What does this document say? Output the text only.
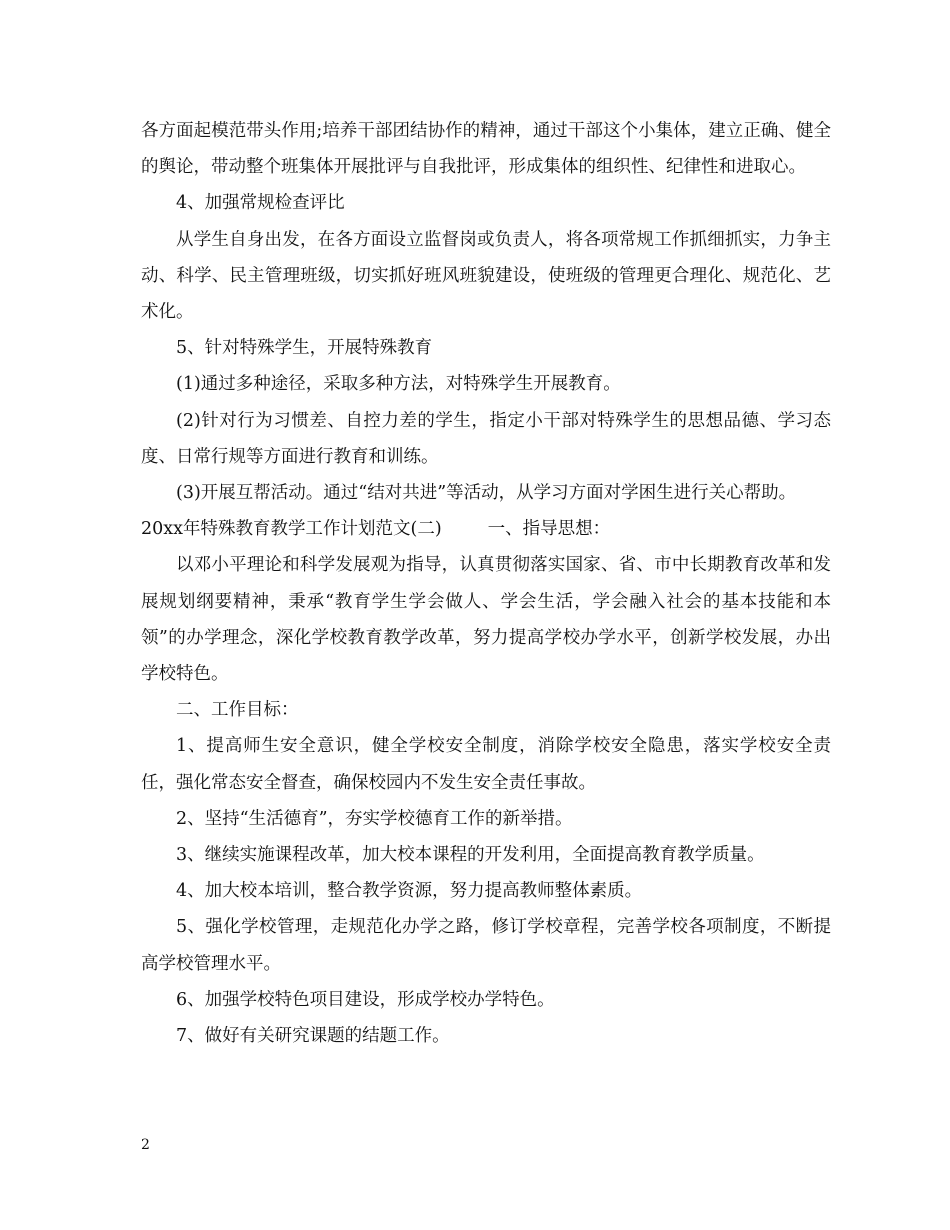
各方面起模范带头作用;培养干部团结协作的精神，通过干部这个小集体，建立正确、健全的舆论，带动整个班集体开展批评与自我批评，形成集体的组织性、纪律性和进取心。

4、加强常规检查评比

从学生自身出发，在各方面设立监督岗或负责人，将各项常规工作抓细抓实，力争主动、科学、民主管理班级，切实抓好班风班貌建设，使班级的管理更合理化、规范化、艺术化。

5、针对特殊学生，开展特殊教育

(1)通过多种途径，采取多种方法，对特殊学生开展教育。

(2)针对行为习惯差、自控力差的学生，指定小干部对特殊学生的思想品德、学习态度、日常行规等方面进行教育和训练。

(3)开展互帮活动。通过“结对共进”等活动，从学习方面对学困生进行关心帮助。

20xx年特殊教育教学工作计划范文(二)	一、指导思想：

以邓小平理论和科学发展观为指导，认真贯彻落实国家、省、市中长期教育改革和发展规划纲要精神，秉承“教育学生学会做人、学会生活，学会融入社会的基本技能和本领”的办学理念，深化学校教育教学改革，努力提高学校办学水平，创新学校发展，办出学校特色。

二、工作目标：

1、提高师生安全意识，健全学校安全制度，消除学校安全隐患，落实学校安全责任，强化常态安全督查，确保校园内不发生安全责任事故。

2、坚持“生活德育”，夯实学校德育工作的新举措。

3、继续实施课程改革，加大校本课程的开发利用，全面提高教育教学质量。

4、加大校本培训，整合教学资源，努力提高教师整体素质。

5、强化学校管理，走规范化办学之路，修订学校章程，完善学校各项制度，不断提高学校管理水平。

6、加强学校特色项目建设，形成学校办学特色。

7、做好有关研究课题的结题工作。

2
